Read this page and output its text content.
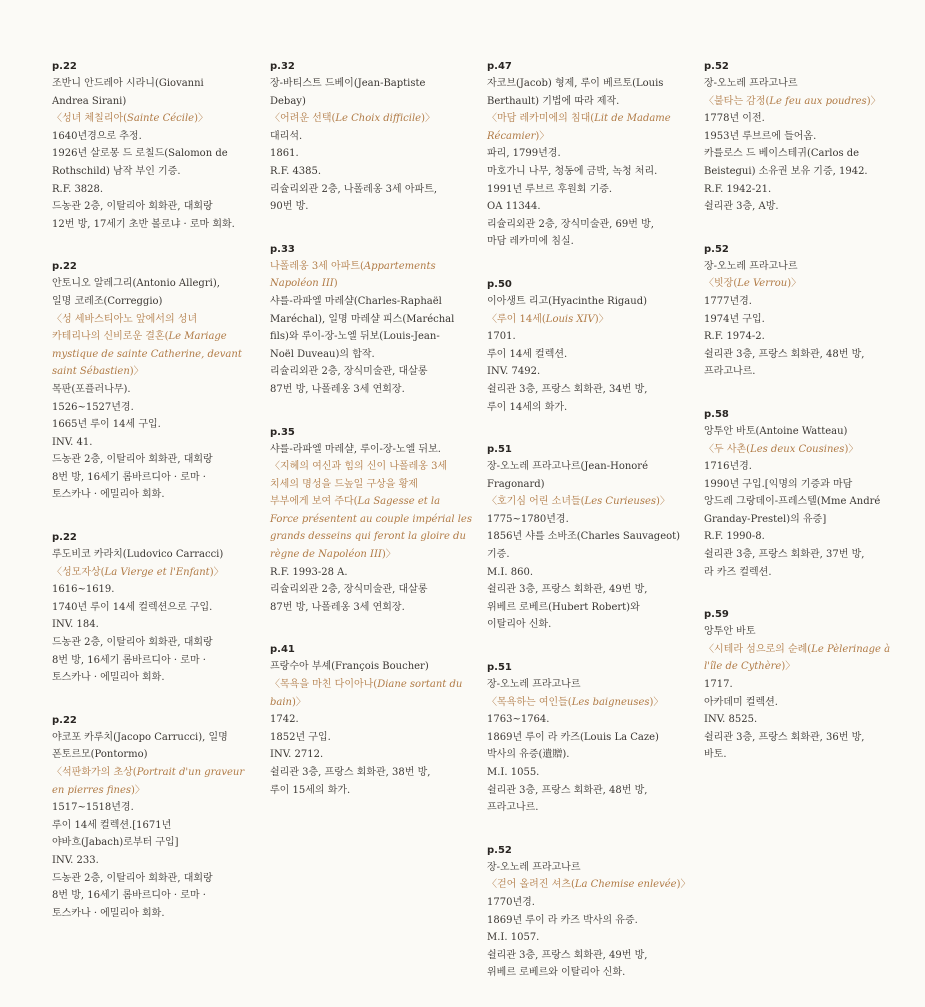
p.22
조반니 안드레아 시라니(Giovanni
Andrea Sirani)
〈성녀 체칠리아(Sainte Cécile)〉
1640년경으로 추정.
1926년 살로몽 드 로칠드(Salomon de
Rothschild) 남작 부인 기증.
R.F. 3828.
드농관 2층, 이탈리아 회화관, 대회랑
12번 방, 17세기 초반 볼로냐 · 로마 회화.
p.22
안토니오 알레그리(Antonio Allegri),
일명 코레조(Correggio)
〈성 세바스티아노 앞에서의 성녀
카테리나의 신비로운 결혼(Le Mariage
mystique de sainte Catherine, devant
saint Sébastien)〉
목판(포플러나무).
1526~1527년경.
1665년 루이 14세 구입.
INV. 41.
드농관 2층, 이탈리아 회화관, 대회랑
8번 방, 16세기 롬바르디아 · 로마 ·
토스카나 · 에밀리아 회화.
p.22
루도비코 카라치(Ludovico Carracci)
〈성모자상(La Vierge et l'Enfant)〉
1616~1619.
1740년 루이 14세 컬렉션으로 구입.
INV. 184.
드농관 2층, 이탈리아 회화관, 대회랑
8번 방, 16세기 롬바르디아 · 로마 ·
토스카나 · 에밀리아 회화.
p.22
야코포 카루치(Jacopo Carrucci), 일명
폰토르모(Pontormo)
〈석판화가의 초상(Portrait d'un graveur
en pierres fines)〉
1517~1518년경.
루이 14세 컬렉션.[1671년
야바흐(Jabach)로부터 구입]
INV. 233.
드농관 2층, 이탈리아 회화관, 대회랑
8번 방, 16세기 롬바르디아 · 로마 ·
토스카나 · 에밀리아 회화.
p.32
장-바티스트 드베이(Jean-Baptiste
Debay)
〈어려운 선택(Le Choix difficile)〉
대리석.
1861.
R.F. 4385.
리슐리외관 2층, 나폴레옹 3세 아파트,
90번 방.
p.33
나폴레옹 3세 아파트(Appartements
Napoléon III)
샤를-라파엘 마레샬(Charles-Raphaël
Maréchal), 일명 마레샬 피스(Maréchal
fils)와 루이-장-노엘 뒤보(Louis-Jean-
Noël Duveau)의 합작.
리슐리외관 2층, 장식미술관, 대살롱
87번 방, 나폴레옹 3세 연회장.
p.35
샤를-라파엘 마레샬, 루이-장-노엘 뒤보.
〈지혜의 여신과 힘의 신이 나폴레옹 3세
치세의 명성을 드높일 구상을 황제
부부에게 보여 주다(La Sagesse et la
Force présentent au couple impérial les
grands desseins qui feront la gloire du
règne de Napoléon III)〉
R.F. 1993-28 A.
리슐리외관 2층, 장식미술관, 대살롱
87번 방, 나폴레옹 3세 연회장.
p.41
프랑수아 부셰(François Boucher)
〈목욕을 마친 다이아나(Diane sortant du
bain)〉
1742.
1852년 구입.
INV. 2712.
쉴리관 3층, 프랑스 회화관, 38번 방,
루이 15세의 화가.
p.47
자코브(Jacob) 형제, 루이 베르토(Louis
Berthault) 기법에 따라 제작.
〈마담 레카미에의 침대(Lit de Madame
Récamier)〉
파리, 1799년경.
마호가니 나무, 청동에 금박, 녹청 처리.
1991년 루브르 후원회 기증.
OA 11344.
리슐리외관 2층, 장식미술관, 69번 방,
마담 레카미에 침실.
p.50
이아생트 리고(Hyacinthe Rigaud)
〈루이 14세(Louis XIV)〉
1701.
루이 14세 컬렉션.
INV. 7492.
쉴리관 3층, 프랑스 회화관, 34번 방,
루이 14세의 화가.
p.51
장-오노레 프라고나르(Jean-Honoré
Fragonard)
〈호기심 어린 소녀들(Les Curieuses)〉
1775~1780년경.
1856년 샤를 소바조(Charles Sauvageot)
기증.
M.I. 860.
쉴리관 3층, 프랑스 회화관, 49번 방,
위베르 로베르(Hubert Robert)와
이탈리아 신화.
p.51
장-오노레 프라고나르
〈목욕하는 여인들(Les baigneuses)〉
1763~1764.
1869년 루이 라 카즈(Louis La Caze)
박사의 유증(遺贈).
M.I. 1055.
쉴리관 3층, 프랑스 회화관, 48번 방,
프라고나르.
p.52
장-오노레 프라고나르
〈걷어 올려진 셔츠(La Chemise enlevée)〉
1770년경.
1869년 루이 라 카즈 박사의 유증.
M.I. 1057.
쉴리관 3층, 프랑스 회화관, 49번 방,
위베르 로베르와 이탈리아 신화.
p.52
장-오노레 프라고나르
〈불타는 감정(Le feu aux poudres)〉
1778년 이전.
1953년 루브르에 들어옴.
카를로스 드 베이스테귀(Carlos de
Beistegui) 소유권 보유 기증, 1942.
R.F. 1942-21.
쉴리관 3층, A방.
p.52
장-오노레 프라고나르
〈빗장(Le Verrou)〉
1777년경.
1974년 구입.
R.F. 1974-2.
쉴리관 3층, 프랑스 회화관, 48번 방,
프라고나르.
p.58
앙투안 바토(Antoine Watteau)
〈두 사촌(Les deux Cousines)〉
1716년경.
1990년 구입.[익명의 기증과 마담
앙드레 그랑데이-프레스텔(Mme André
Granday-Prestel)의 유증]
R.F. 1990-8.
쉴리관 3층, 프랑스 회화관, 37번 방,
라 카즈 컬렉션.
p.59
앙투안 바토
〈시테라 섬으로의 순례(Le Pèlerinage à
l'île de Cythère)〉
1717.
아카데미 컬렉션.
INV. 8525.
쉴리관 3층, 프랑스 회화관, 36번 방,
바토.
